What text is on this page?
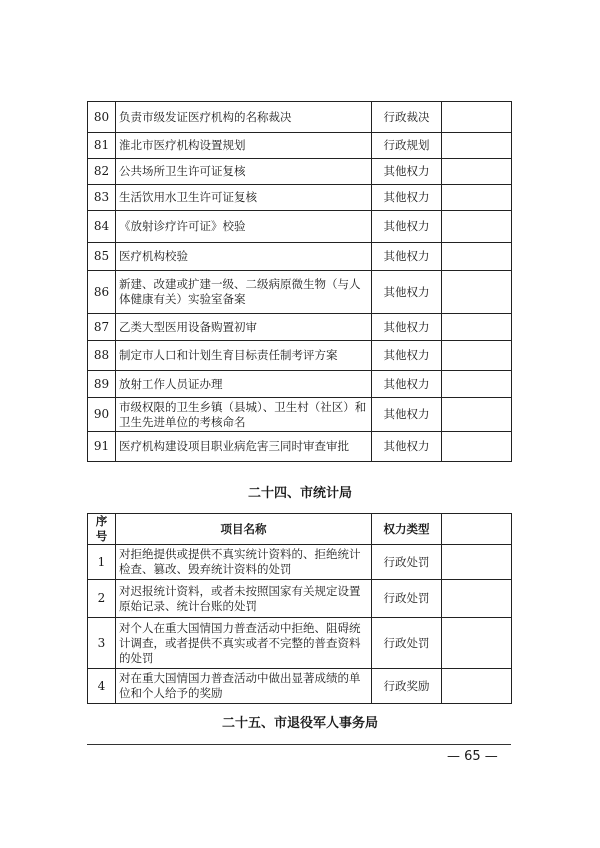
80	负责市级发证医疗机构的名称裁决	行政裁决	
81	淮北市医疗机构设置规划	行政规划	
82	公共场所卫生许可证复核	其他权力	
83	生活饮用水卫生许可证复核	其他权力	
84	《放射诊疗许可证》校验	其他权力	
85	医疗机构校验	其他权力	
86	新建、改建或扩建一级、二级病原微生物（与人体健康有关）实验室备案	其他权力	
87	乙类大型医用设备购置初审	其他权力	
88	制定市人口和计划生育目标责任制考评方案	其他权力	
89	放射工作人员证办理	其他权力	
90	市级权限的卫生乡镇（县城）、卫生村（社区）和卫生先进单位的考核命名	其他权力	
91	医疗机构建设项目职业病危害三同时审查审批	其他权力	
二十四、市统计局
序号	项目名称	权力类型	
1	对拒绝提供或提供不真实统计资料的、拒绝统计检查、篡改、毁弃统计资料的处罚	行政处罚	
2	对迟报统计资料，或者未按照国家有关规定设置原始记录、统计台账的处罚	行政处罚	
3	对个人在重大国情国力普查活动中拒绝、阻碍统计调查，或者提供不真实或者不完整的普查资料的处罚	行政处罚	
4	对在重大国情国力普查活动中做出显著成绩的单位和个人给予的奖励	行政奖励	
二十五、市退役军人事务局
— 65 —
